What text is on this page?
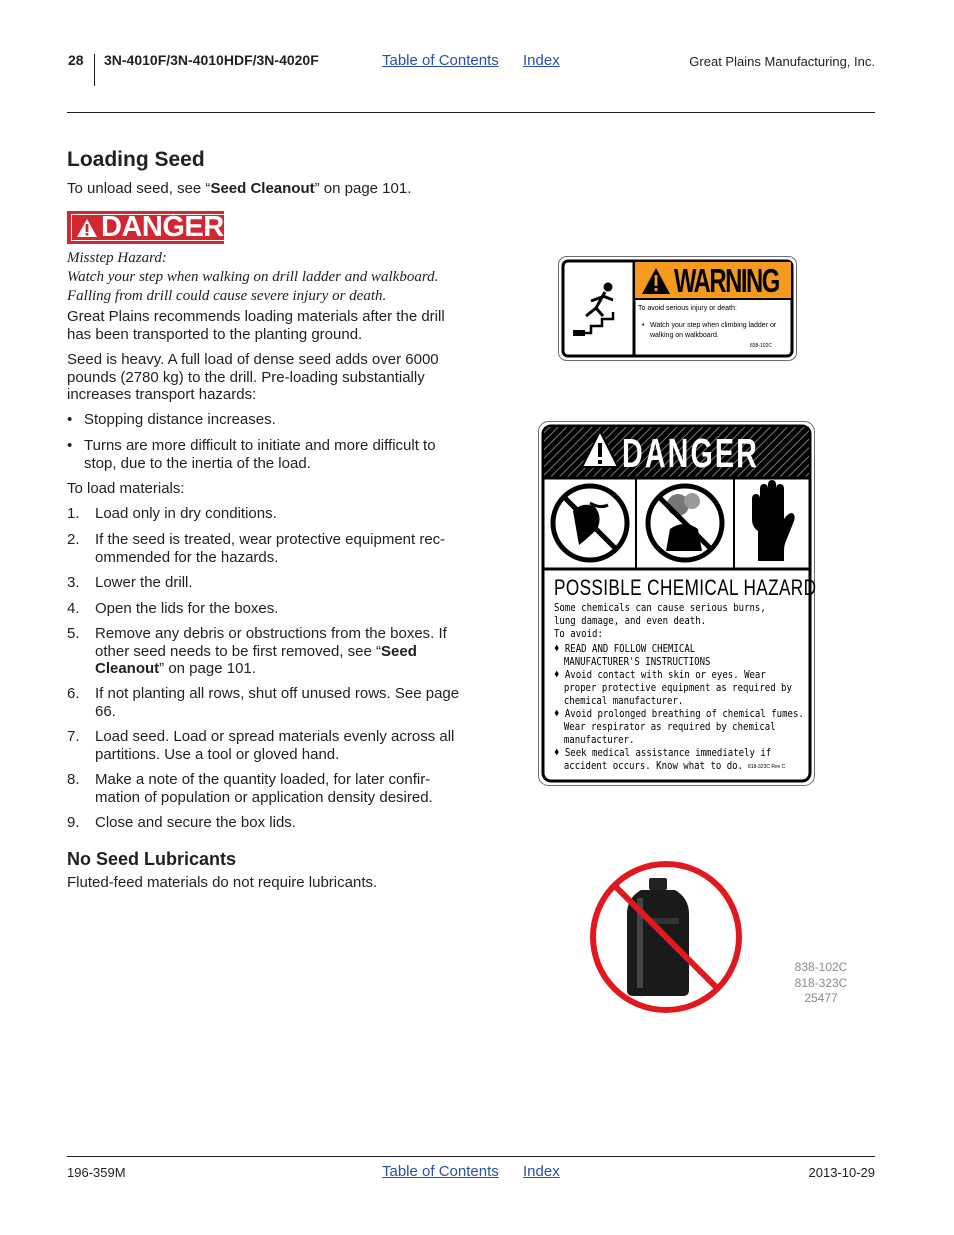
28 3N-4010F/3N-4010HDF/3N-4020F	Table of Contents Index	Great Plains Manufacturing, Inc.
Loading Seed

To unload seed, see “Seed Cleanout” on page 101.

DANGER
Misstep Hazard:
Watch your step when walking on drill ladder and walkboard.
Falling from drill could cause severe injury or death.

Great Plains recommends loading materials after the drill has been transported to the planting ground.

Seed is heavy. A full load of dense seed adds over 6000 pounds (2780 kg) to the drill. Pre-loading substantially increases transport hazards:

• Stopping distance increases.
• Turns are more difficult to initiate and more difficult to stop, due to the inertia of the load.

To load materials:

1. Load only in dry conditions.
2. If the seed is treated, wear protective equipment rec-ommended for the hazards.
3. Lower the drill.
4. Open the lids for the boxes.
5. Remove any debris or obstructions from the boxes. If other seed needs to be first removed, see “Seed Cleanout” on page 101.
6. If not planting all rows, shut off unused rows. See page 66.
7. Load seed. Load or spread materials evenly across all partitions. Use a tool or gloved hand.
8. Make a note of the quantity loaded, for later confir-mation of population or application density desired.
9. Close and secure the box lids.
No Seed Lubricants

Fluted-feed materials do not require lubricants.

WARNING
To avoid serious injury or death:
• Watch your step when climbing ladder or walking on walkboard.
838-102C
DANGER
POSSIBLE CHEMICAL HAZARD
Some chemicals can cause serious burns,
lung damage, and even death.
To avoid:
♦ READ AND FOLLOW CHEMICAL
MANUFACTURER'S INSTRUCTIONS
♦ Avoid contact with skin or eyes. Wear
proper protective equipment as required by
chemical manufacturer.
♦ Avoid prolonged breathing of chemical fumes.
Wear respirator as required by chemical
manufacturer.
♦ Seek medical assistance immediately if
accident occurs. Know what to do. 818-323C Rev C
838-102C
818-323C
25477
196-359M	Table of Contents Index	2013-10-29
